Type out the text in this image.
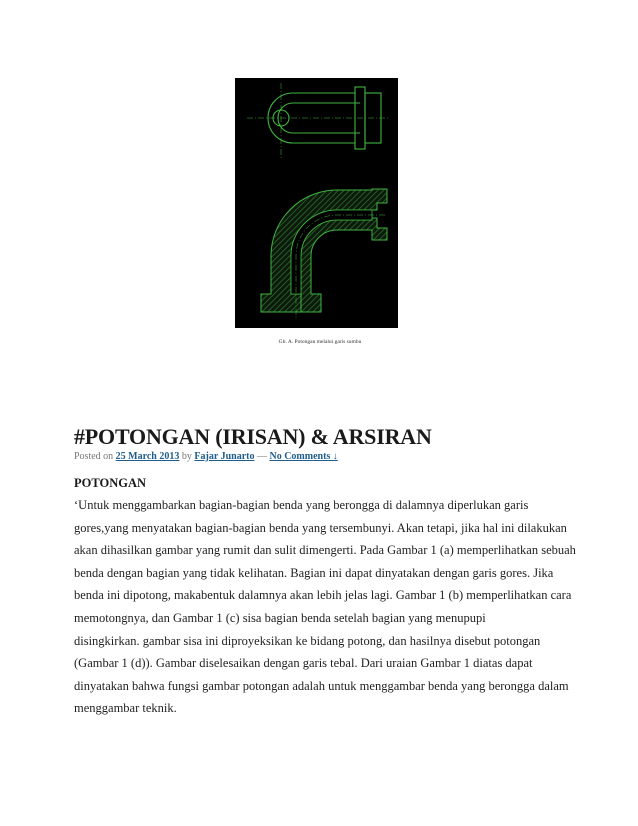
Gb. A. Potongan melalui garis sumbu
#POTONGAN (IRISAN) & ARSIRAN
Posted on 25 March 2013 by Fajar Junarto — No Comments ↓
POTONGAN
‘Untuk menggambarkan bagian-bagian benda yang berongga di dalamnya diperlukan garis
gores,yang menyatakan bagian-bagian benda yang tersembunyi. Akan tetapi, jika hal ini dilakukan
akan dihasilkan gambar yang rumit dan sulit dimengerti. Pada Gambar 1 (a) memperlihatkan sebuah
benda dengan bagian yang tidak kelihatan. Bagian ini dapat dinyatakan dengan garis gores. Jika
benda ini dipotong, makabentuk dalamnya akan lebih jelas lagi. Gambar 1 (b) memperlihatkan cara
memotongnya, dan Gambar 1 (c) sisa bagian benda setelah bagian yang menupupi
disingkirkan. gambar sisa ini diproyeksikan ke bidang potong, dan hasilnya disebut potongan
(Gambar 1 (d)). Gambar diselesaikan dengan garis tebal. Dari uraian Gambar 1 diatas dapat
dinyatakan bahwa fungsi gambar potongan adalah untuk menggambar benda yang berongga dalam
menggambar teknik.
